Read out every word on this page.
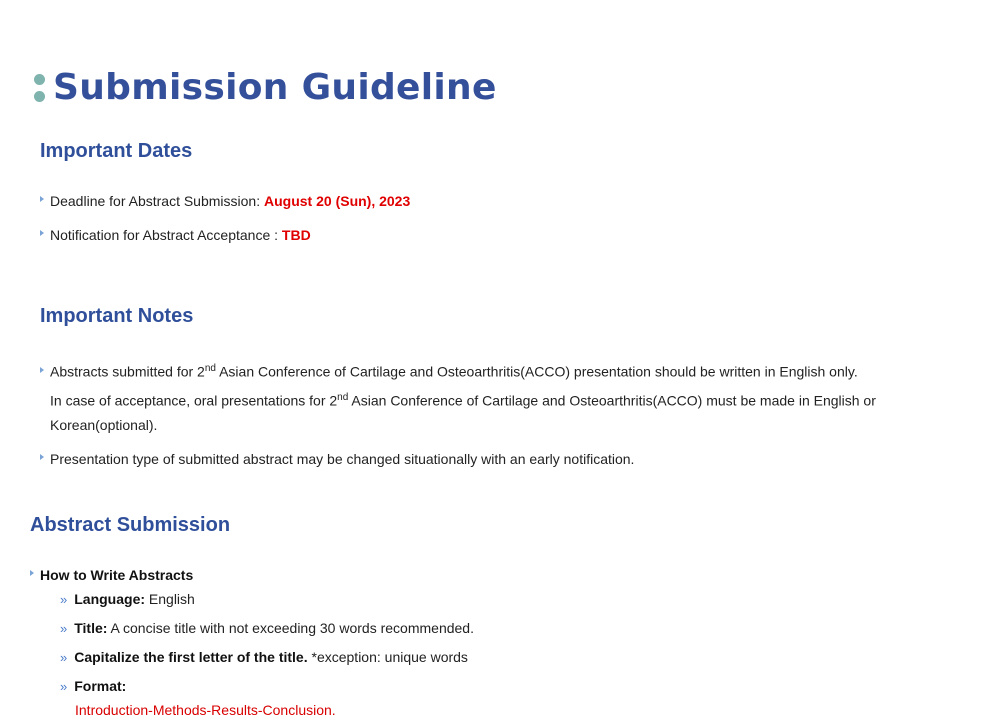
Submission Guideline
Important Dates
Deadline for Abstract Submission: August 20 (Sun), 2023
Notification for Abstract Acceptance : TBD
Important Notes
Abstracts submitted for 2nd Asian Conference of Cartilage and Osteoarthritis(ACCO) presentation should be written in English only.
In case of acceptance, oral presentations for 2nd Asian Conference of Cartilage and Osteoarthritis(ACCO) must be made in English or
Korean(optional).
Presentation type of submitted abstract may be changed situationally with an early notification.
Abstract Submission
How to Write Abstracts
» Language: English
» Title: A concise title with not exceeding 30 words recommended.
» Capitalize the first letter of the title. *exception: unique words
» Format:
Introduction-Methods-Results-Conclusion.
